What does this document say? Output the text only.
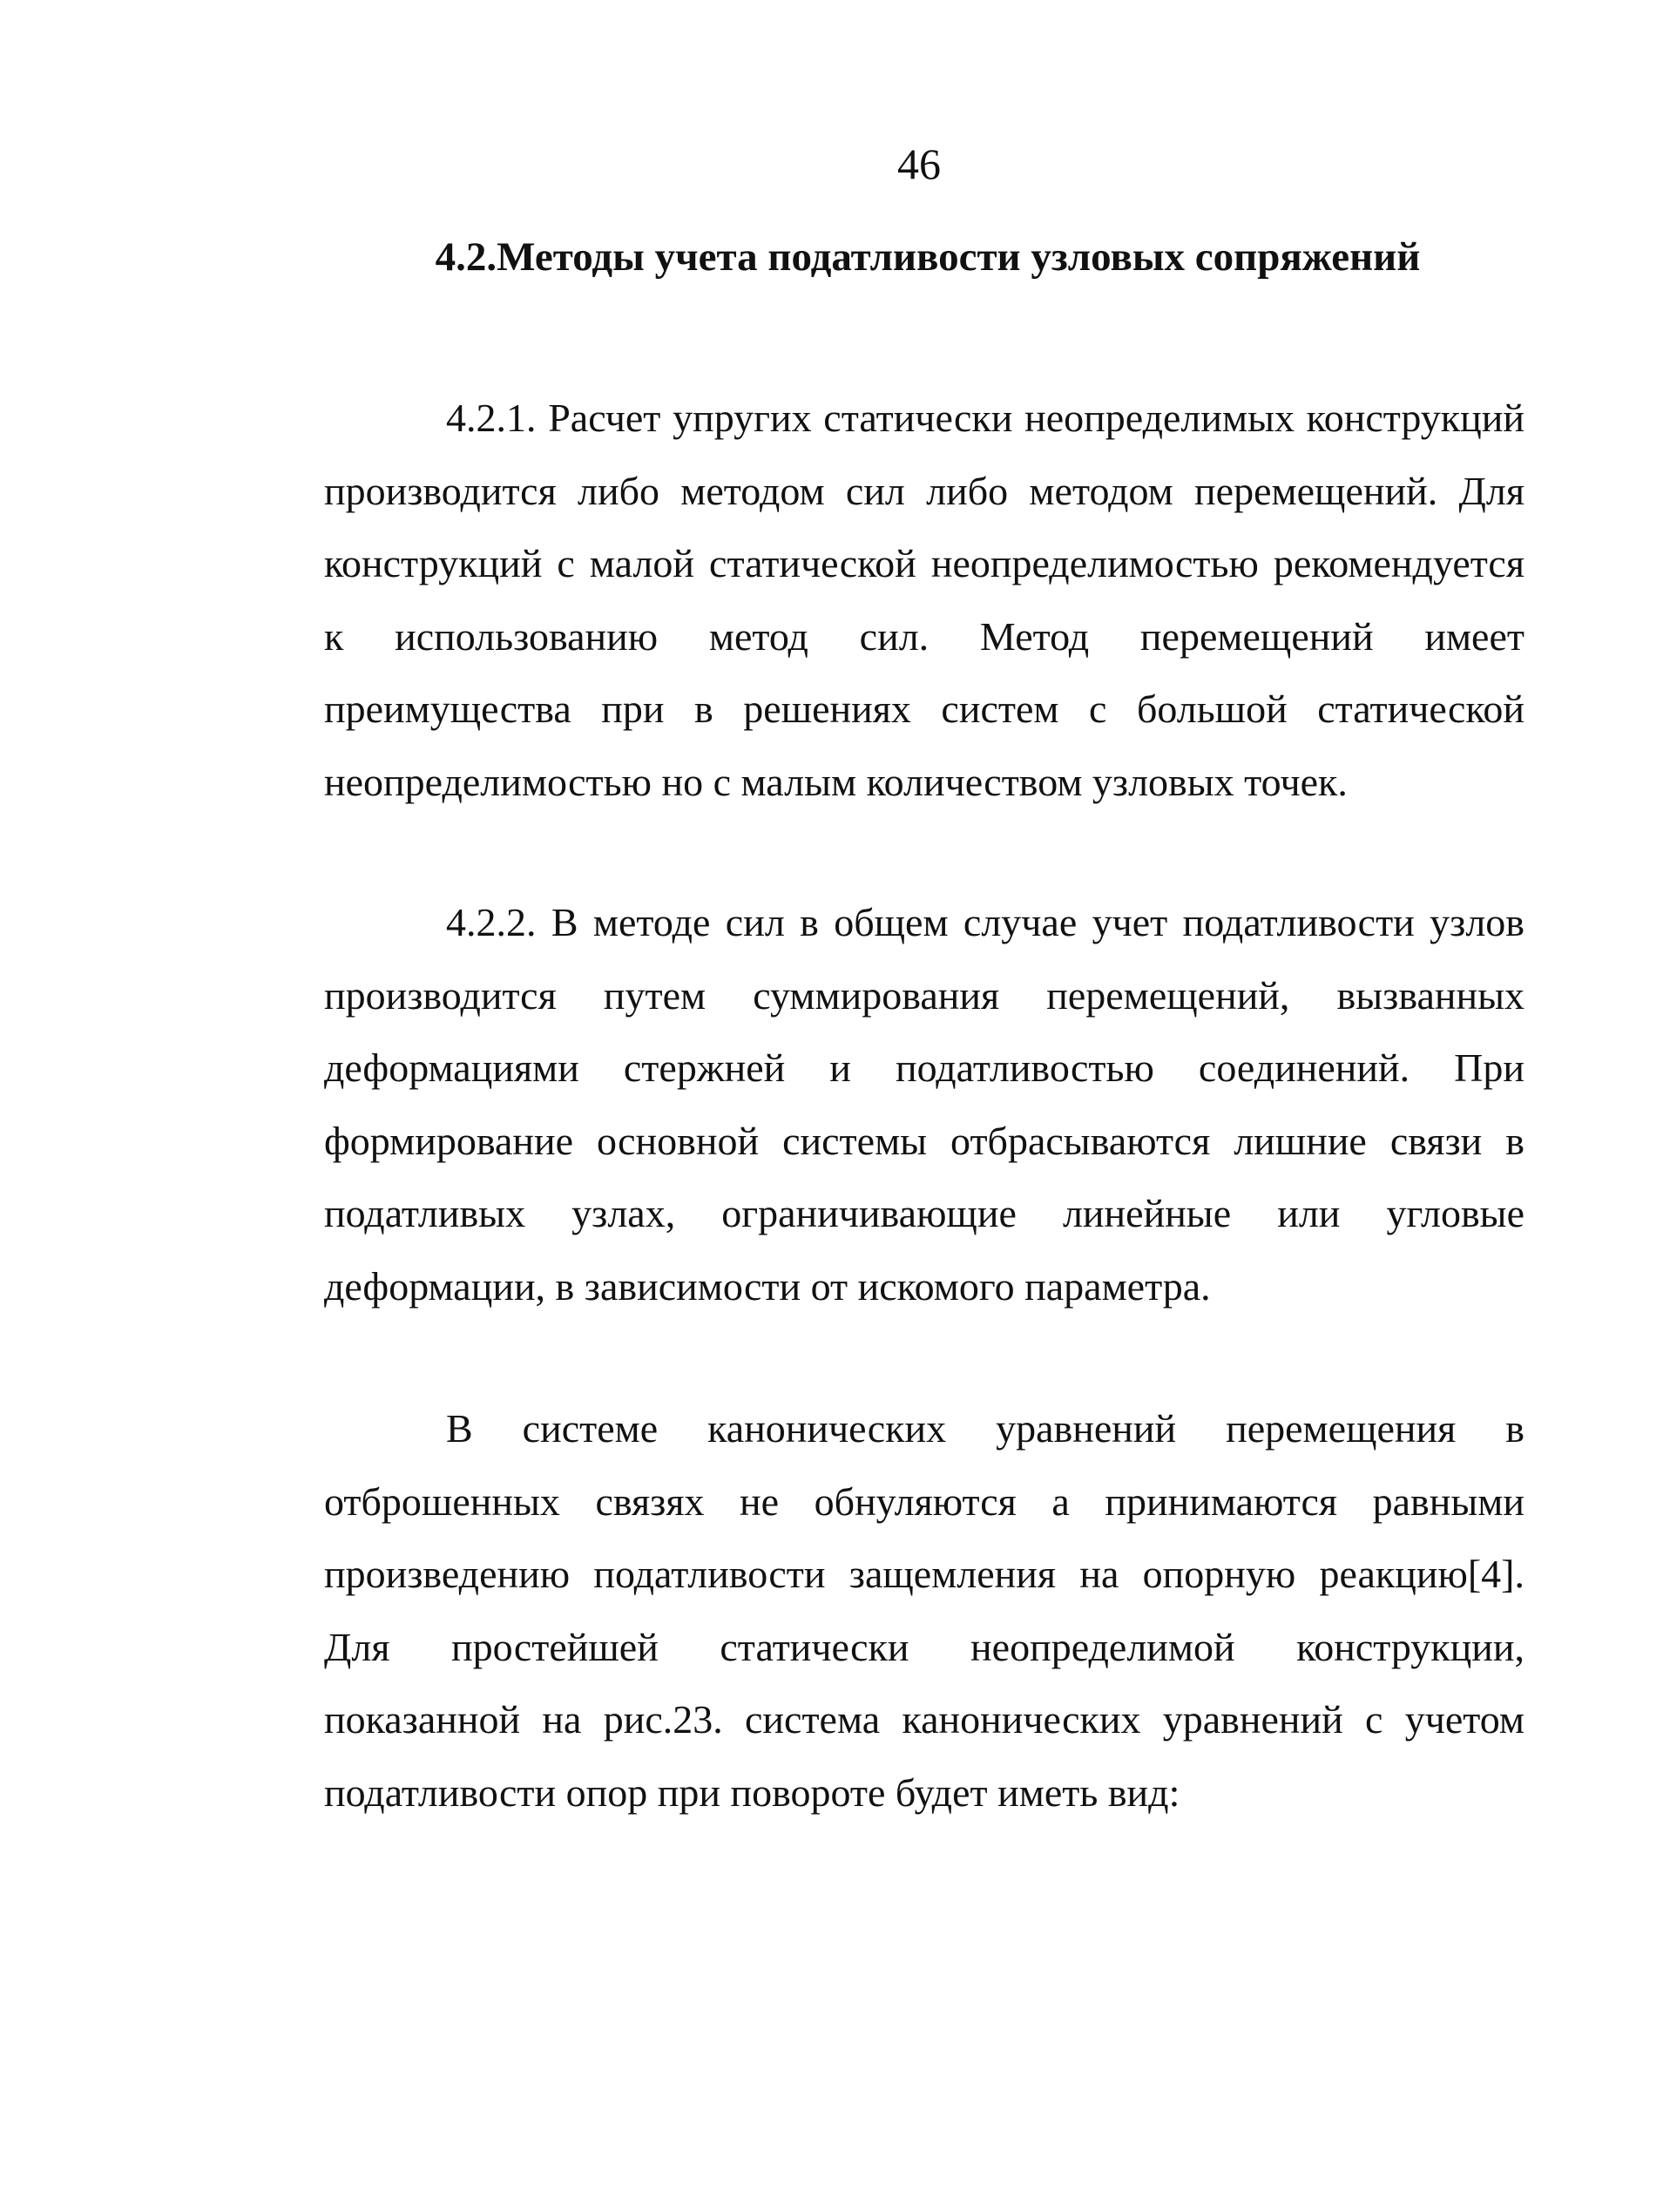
46
4.2.Методы учета податливости узловых сопряжений

4.2.1. Расчет упругих статически неопределимых конструкций производится либо методом сил либо методом перемещений. Для конструкций с малой статической неопределимостью рекомендуется к использованию метод сил. Метод перемещений имеет преимущества при в решениях систем с большой статической неопределимостью но с малым количеством узловых точек.

4.2.2. В методе сил в общем случае учет податливости узлов производится путем суммирования перемещений, вызванных деформациями стержней и податливостью соединений. При формирование основной системы отбрасываются лишние связи в податливых узлах, ограничивающие линейные или угловые деформации, в зависимости от искомого параметра.

В системе канонических уравнений перемещения в отброшенных связях не обнуляются а принимаются равными произведению податливости защемления на опорную реакцию[4]. Для простейшей статически неопределимой конструкции, показанной на рис.23. система канонических уравнений с учетом податливости опор при повороте будет иметь вид:
